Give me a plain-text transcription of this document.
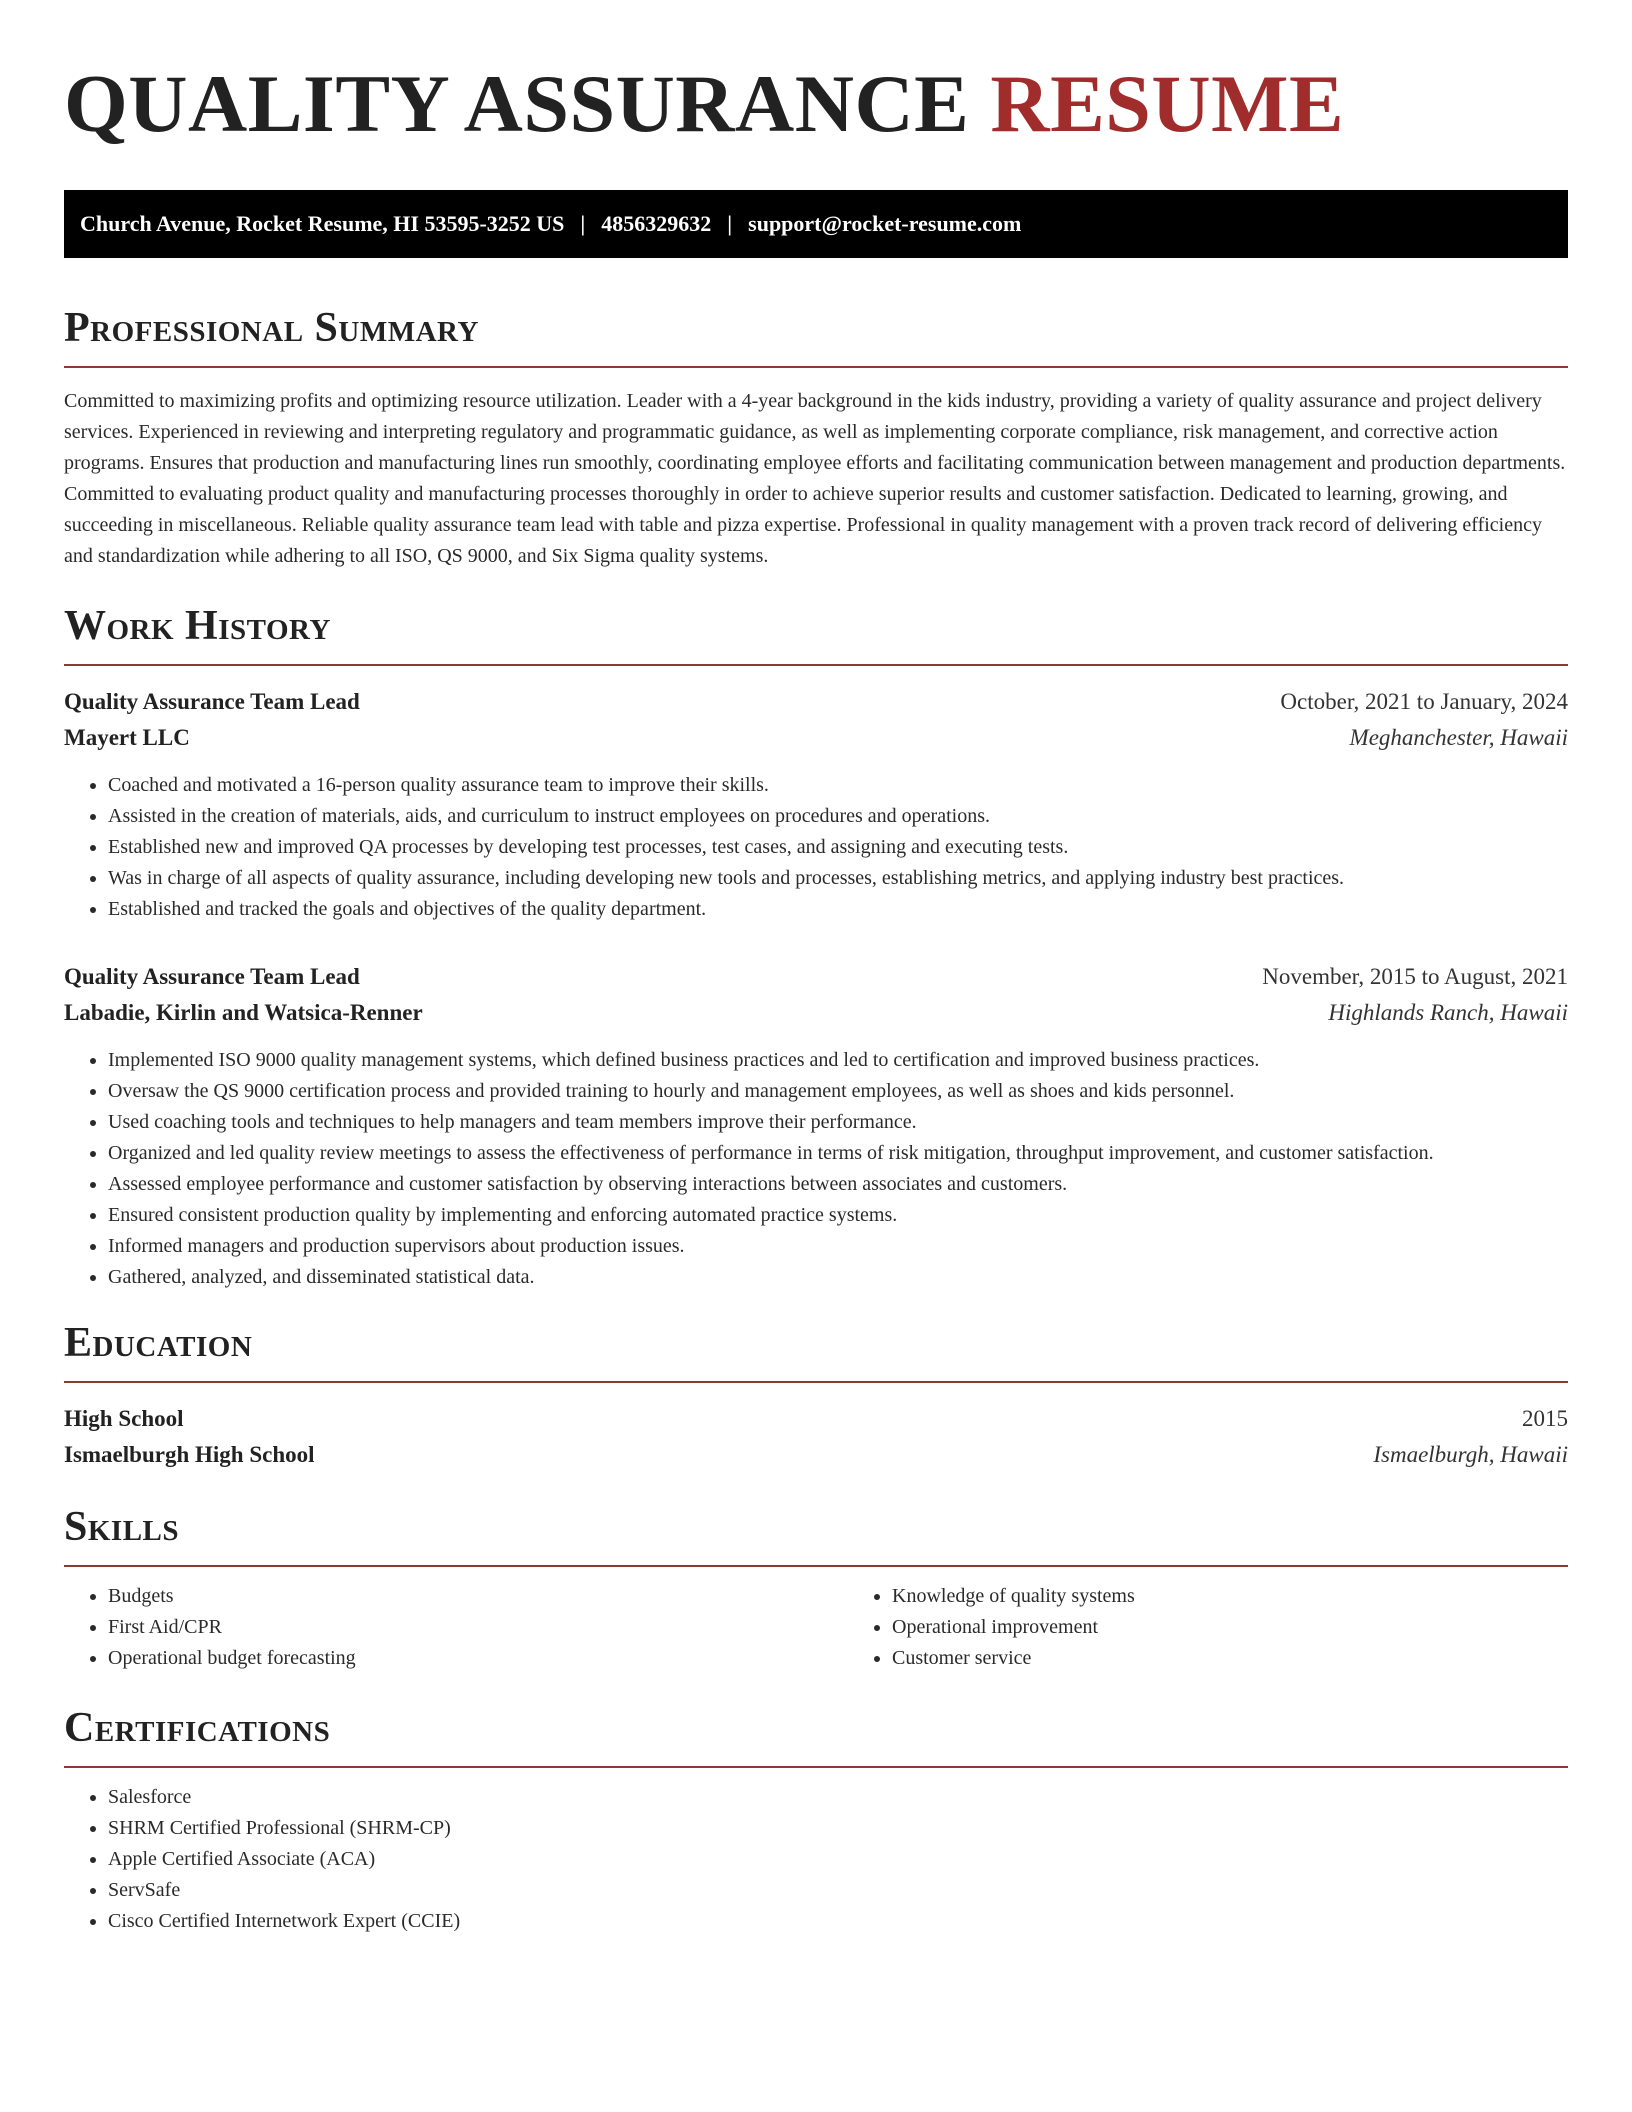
QUALITY ASSURANCE RESUME
Church Avenue, Rocket Resume, HI 53595-3252 US | 4856329632 | support@rocket-resume.com
Professional Summary

Committed to maximizing profits and optimizing resource utilization. Leader with a 4-year background in the kids industry, providing a variety of quality assurance and project delivery services. Experienced in reviewing and interpreting regulatory and programmatic guidance, as well as implementing corporate compliance, risk management, and corrective action programs. Ensures that production and manufacturing lines run smoothly, coordinating employee efforts and facilitating communication between management and production departments. Committed to evaluating product quality and manufacturing processes thoroughly in order to achieve superior results and customer satisfaction. Dedicated to learning, growing, and succeeding in miscellaneous. Reliable quality assurance team lead with table and pizza expertise. Professional in quality management with a proven track record of delivering efficiency and standardization while adhering to all ISO, QS 9000, and Six Sigma quality systems.

Work History
Quality Assurance Team Lead	October, 2021 to January, 2024
Mayert LLC	Meghanchester, Hawaii
• Coached and motivated a 16-person quality assurance team to improve their skills.
• Assisted in the creation of materials, aids, and curriculum to instruct employees on procedures and operations.
• Established new and improved QA processes by developing test processes, test cases, and assigning and executing tests.
• Was in charge of all aspects of quality assurance, including developing new tools and processes, establishing metrics, and applying industry best practices.
• Established and tracked the goals and objectives of the quality department.
Quality Assurance Team Lead	November, 2015 to August, 2021
Labadie, Kirlin and Watsica-Renner	Highlands Ranch, Hawaii
• Implemented ISO 9000 quality management systems, which defined business practices and led to certification and improved business practices.
• Oversaw the QS 9000 certification process and provided training to hourly and management employees, as well as shoes and kids personnel.
• Used coaching tools and techniques to help managers and team members improve their performance.
• Organized and led quality review meetings to assess the effectiveness of performance in terms of risk mitigation, throughput improvement, and customer satisfaction.
• Assessed employee performance and customer satisfaction by observing interactions between associates and customers.
• Ensured consistent production quality by implementing and enforcing automated practice systems.
• Informed managers and production supervisors about production issues.
• Gathered, analyzed, and disseminated statistical data.
Education
High School	2015
Ismaelburgh High School	Ismaelburgh, Hawaii
Skills
• Budgets
• First Aid/CPR
• Operational budget forecasting
• Knowledge of quality systems
• Operational improvement
• Customer service
Certifications
• Salesforce
• SHRM Certified Professional (SHRM-CP)
• Apple Certified Associate (ACA)
• ServSafe
• Cisco Certified Internetwork Expert (CCIE)
